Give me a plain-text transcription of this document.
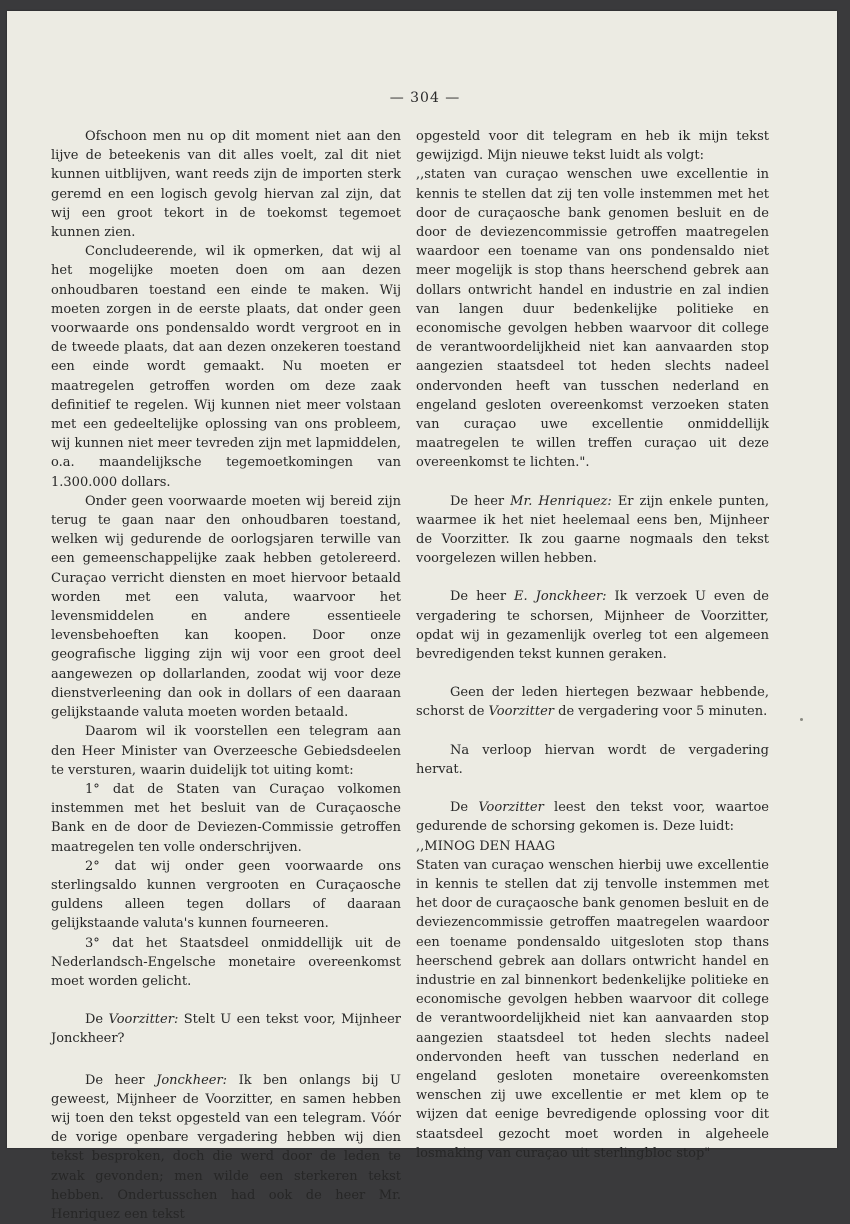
— 304 —

Ofschoon men nu op dit moment niet aan den lijve de beteekenis van dit alles voelt, zal dit niet kunnen uitblijven, want reeds zijn de importen sterk geremd en een logisch gevolg hiervan zal zijn, dat wij een groot tekort in de toekomst tegemoet kunnen zien.

Concludeerende, wil ik opmerken, dat wij al het mogelijke moeten doen om aan dezen onhoudbaren toestand een einde te maken. Wij moeten zorgen in de eerste plaats, dat onder geen voorwaarde ons pondensaldo wordt vergroot en in de tweede plaats, dat aan dezen onzekeren toestand een einde wordt gemaakt. Nu moeten er maatregelen getroffen worden om deze zaak definitief te regelen. Wij kunnen niet meer volstaan met een gedeeltelijke oplossing van ons probleem, wij kunnen niet meer tevreden zijn met lapmiddelen, o.a. maandelijksche tegemoetkomingen van 1.300.000 dollars.

Onder geen voorwaarde moeten wij bereid zijn terug te gaan naar den onhoudbaren toestand, welken wij gedurende de oorlogsjaren terwille van een gemeenschappelijke zaak hebben getolereerd. Curaçao verricht diensten en moet hiervoor betaald worden met een valuta, waarvoor het levensmiddelen en andere essentieele levensbehoeften kan koopen. Door onze geografische ligging zijn wij voor een groot deel aangewezen op dollarlanden, zoodat wij voor deze dienstverleening dan ook in dollars of een daaraan gelijkstaande valuta moeten worden betaald.

Daarom wil ik voorstellen een telegram aan den Heer Minister van Overzeesche Gebiedsdeelen te versturen, waarin duidelijk tot uiting komt:

1° dat de Staten van Curaçao volkomen instemmen met het besluit van de Curaçaosche Bank en de door de Deviezen-Commissie getroffen maatregelen ten volle onderschrijven.

2° dat wij onder geen voorwaarde ons sterlingsaldo kunnen vergrooten en Curaçaosche guldens alleen tegen dollars of daaraan gelijkstaande valuta's kunnen fourneeren.

3° dat het Staatsdeel onmiddellijk uit de Nederlandsch-Engelsche monetaire overeenkomst moet worden gelicht.

De Voorzitter: Stelt U een tekst voor, Mijnheer Jonckheer?

De heer Jonckheer: Ik ben onlangs bij U geweest, Mijnheer de Voorzitter, en samen hebben wij toen den tekst opgesteld van een telegram. Vóór de vorige openbare vergadering hebben wij dien tekst besproken, doch die werd door de leden te zwak gevonden; men wilde een sterkeren tekst hebben. Ondertusschen had ook de heer Mr. Henriquez een tekst

opgesteld voor dit telegram en heb ik mijn tekst gewijzigd. Mijn nieuwe tekst luidt als volgt:

,,staten van curaçao wenschen uwe excellentie in kennis te stellen dat zij ten volle instemmen met het door de curaçaosche bank genomen besluit en de door de deviezencommissie getroffen maatregelen waardoor een toename van ons pondensaldo niet meer mogelijk is stop thans heerschend gebrek aan dollars ontwricht handel en industrie en zal indien van langen duur bedenkelijke politieke en economische gevolgen hebben waarvoor dit college de verantwoordelijkheid niet kan aanvaarden stop aangezien staatsdeel tot heden slechts nadeel ondervonden heeft van tusschen nederland en engeland gesloten overeenkomst verzoeken staten van curaçao uwe excellentie onmiddellijk maatregelen te willen treffen curaçao uit deze overeenkomst te lichten.".

De heer Mr. Henriquez: Er zijn enkele punten, waarmee ik het niet heelemaal eens ben, Mijnheer de Voorzitter. Ik zou gaarne nogmaals den tekst voorgelezen willen hebben.

De heer E. Jonckheer: Ik verzoek U even de vergadering te schorsen, Mijnheer de Voorzitter, opdat wij in gezamenlijk overleg tot een algemeen bevredigenden tekst kunnen geraken.

Geen der leden hiertegen bezwaar hebbende, schorst de Voorzitter de vergadering voor 5 minuten.

Na verloop hiervan wordt de vergadering hervat.

De Voorzitter leest den tekst voor, waartoe gedurende de schorsing gekomen is. Deze luidt:

,,MINOG DEN HAAG

Staten van curaçao wenschen hierbij uwe excellentie in kennis te stellen dat zij tenvolle instemmen met het door de curaçaosche bank genomen besluit en de deviezencommissie getroffen maatregelen waardoor een toename pondensaldo uitgesloten stop thans heerschend gebrek aan dollars ontwricht handel en industrie en zal binnenkort bedenkelijke politieke en economische gevolgen hebben waarvoor dit college de verantwoordelijkheid niet kan aanvaarden stop aangezien staatsdeel tot heden slechts nadeel ondervonden heeft van tusschen nederland en engeland gesloten monetaire overeenkomsten wenschen zij uwe excellentie er met klem op te wijzen dat eenige bevredigende oplossing voor dit staatsdeel gezocht moet worden in algeheele losmaking van curaçao uit sterlingbloc stop"
